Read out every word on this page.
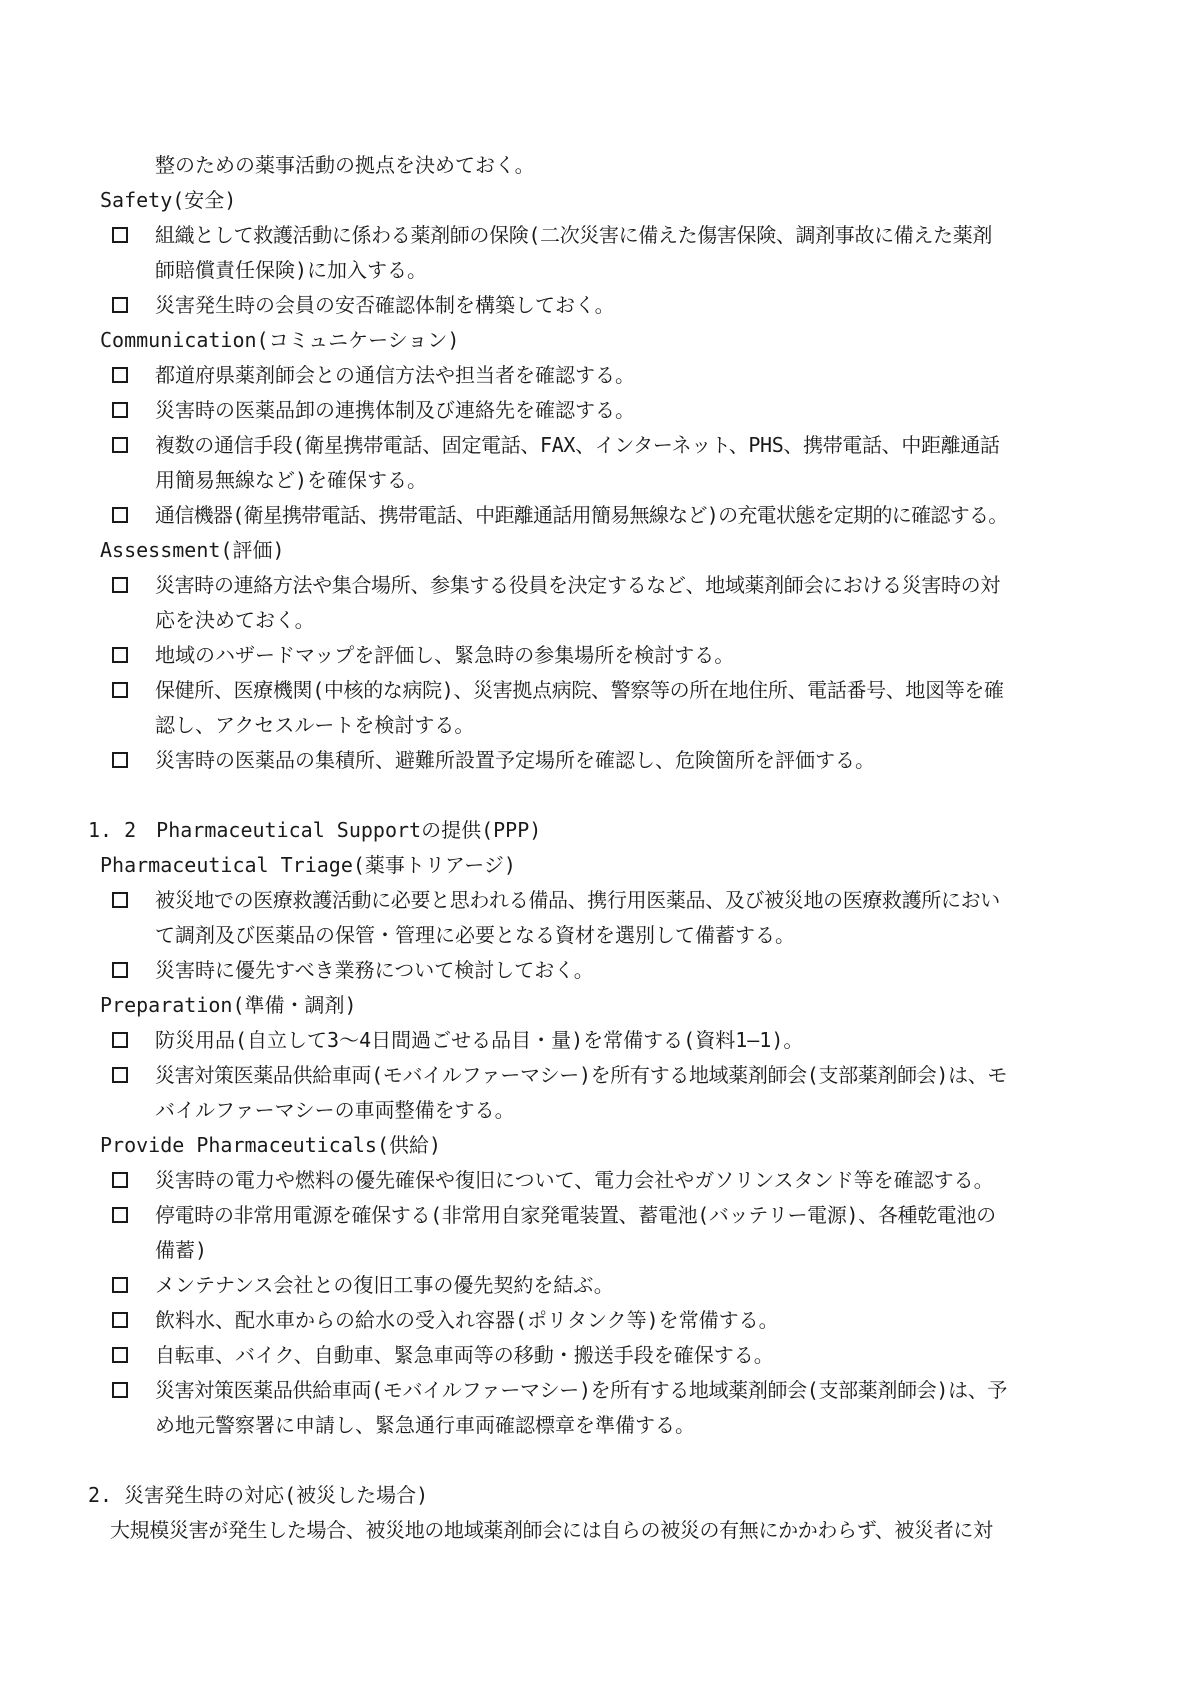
整のための薬事活動の拠点を決めておく。
Safety(安全)
組織として救護活動に係わる薬剤師の保険(二次災害に備えた傷害保険、調剤事故に備えた薬剤
師賠償責任保険)に加入する。
災害発生時の会員の安否確認体制を構築しておく。
Communication(コミュニケーション)
都道府県薬剤師会との通信方法や担当者を確認する。
災害時の医薬品卸の連携体制及び連絡先を確認する。
複数の通信手段(衛星携帯電話、固定電話、FAX、インターネット、PHS、携帯電話、中距離通話
用簡易無線など)を確保する。
通信機器(衛星携帯電話、携帯電話、中距離通話用簡易無線など)の充電状態を定期的に確認する。
Assessment(評価)
災害時の連絡方法や集合場所、参集する役員を決定するなど、地域薬剤師会における災害時の対
応を決めておく。
地域のハザードマップを評価し、緊急時の参集場所を検討する。
保健所、医療機関(中核的な病院)、災害拠点病院、警察等の所在地住所、電話番号、地図等を確
認し、アクセスルートを検討する。
災害時の医薬品の集積所、避難所設置予定場所を確認し、危険箇所を評価する。
1. 2　Pharmaceutical Supportの提供(PPP)
Pharmaceutical Triage(薬事トリアージ)
被災地での医療救護活動に必要と思われる備品、携行用医薬品、及び被災地の医療救護所におい
て調剤及び医薬品の保管・管理に必要となる資材を選別して備蓄する。
災害時に優先すべき業務について検討しておく。
Preparation(準備・調剤)
防災用品(自立して3～4日間過ごせる品目・量)を常備する(資料1―1)。
災害対策医薬品供給車両(モバイルファーマシー)を所有する地域薬剤師会(支部薬剤師会)は、モ
バイルファーマシーの車両整備をする。
Provide Pharmaceuticals(供給)
災害時の電力や燃料の優先確保や復旧について、電力会社やガソリンスタンド等を確認する。
停電時の非常用電源を確保する(非常用自家発電装置、蓄電池(バッテリー電源)、各種乾電池の
備蓄)
メンテナンス会社との復旧工事の優先契約を結ぶ。
飲料水、配水車からの給水の受入れ容器(ポリタンク等)を常備する。
自転車、バイク、自動車、緊急車両等の移動・搬送手段を確保する。
災害対策医薬品供給車両(モバイルファーマシー)を所有する地域薬剤師会(支部薬剤師会)は、予
め地元警察署に申請し、緊急通行車両確認標章を準備する。
2. 災害発生時の対応(被災した場合)
大規模災害が発生した場合、被災地の地域薬剤師会には自らの被災の有無にかかわらず、被災者に対
